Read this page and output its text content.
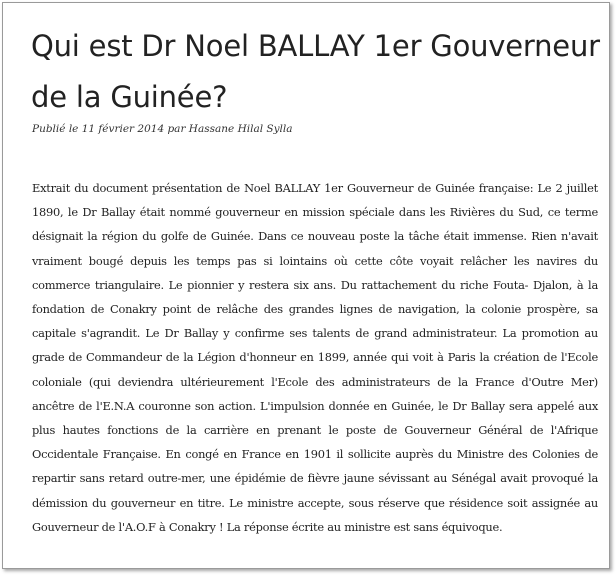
Qui est Dr Noel BALLAY 1er Gouverneur de la Guinée?

Publié le 11 février 2014 par Hassane Hilal Sylla

Extrait du document présentation de Noel BALLAY 1er Gouverneur de Guinée française: Le 2 juillet 1890, le Dr Ballay était nommé gouverneur en mission spéciale dans les Rivières du Sud, ce terme désignait la région du golfe de Guinée. Dans ce nouveau poste la tâche était immense. Rien n'avait vraiment bougé depuis les temps pas si lointains où cette côte voyait relâcher les navires du commerce triangulaire. Le pionnier y restera six ans. Du rattachement du riche Fouta- Djalon, à la fondation de Conakry point de relâche des grandes lignes de navigation, la colonie prospère, sa capitale s'agrandit. Le Dr Ballay y confirme ses talents de grand administrateur. La promotion au grade de Commandeur de la Légion d'honneur en 1899, année qui voit à Paris la création de l'Ecole coloniale (qui deviendra ultérieurement l'Ecole des administrateurs de la France d'Outre Mer) ancêtre de l'E.N.A couronne son action. L'impulsion donnée en Guinée, le Dr Ballay sera appelé aux plus hautes fonctions de la carrière en prenant le poste de Gouverneur Général de l'Afrique Occidentale Française. En congé en France en 1901 il sollicite auprès du Ministre des Colonies de repartir sans retard outre-mer, une épidémie de fièvre jaune sévissant au Sénégal avait provoqué la démission du gouverneur en titre. Le ministre accepte, sous réserve que résidence soit assignée au Gouverneur de l'A.O.F à Conakry ! La réponse écrite au ministre est sans équivoque.
